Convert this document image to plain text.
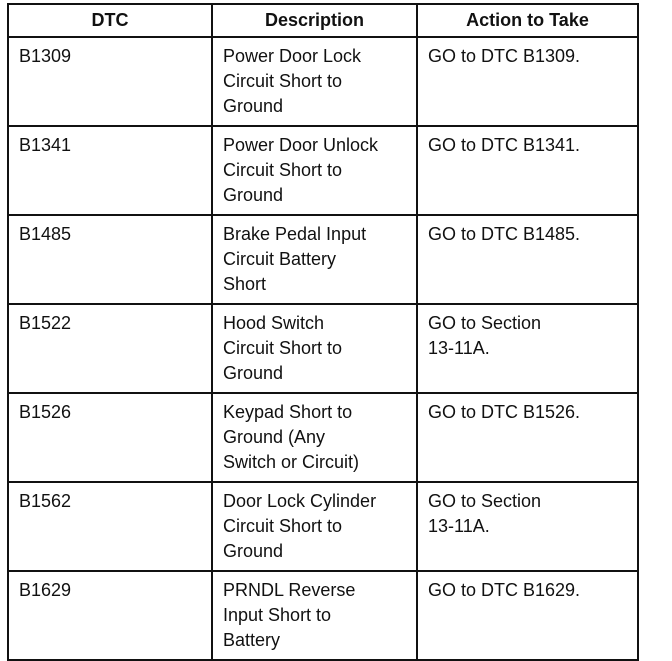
DTC	Description	Action to Take
B1309	Power Door Lock
Circuit Short to
Ground	GO to DTC B1309.
B1341	Power Door Unlock
Circuit Short to
Ground	GO to DTC B1341.
B1485	Brake Pedal Input
Circuit Battery
Short	GO to DTC B1485.
B1522	Hood Switch
Circuit Short to
Ground	GO to Section
13-11A.
B1526	Keypad Short to
Ground (Any
Switch or Circuit)	GO to DTC B1526.
B1562	Door Lock Cylinder
Circuit Short to
Ground	GO to Section
13-11A.
B1629	PRNDL Reverse
Input Short to
Battery	GO to DTC B1629.
